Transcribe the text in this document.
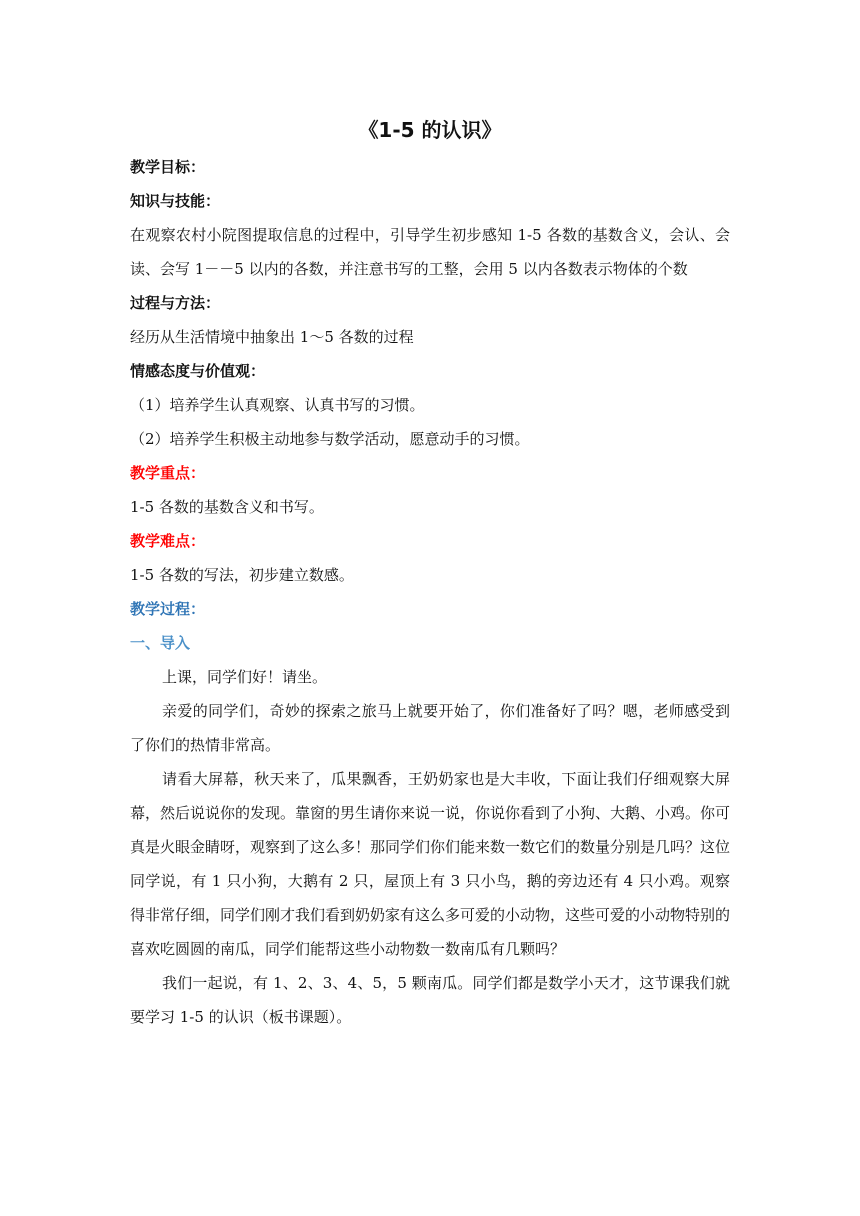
《1-5 的认识》

教学目标：

知识与技能：

在观察农村小院图提取信息的过程中，引导学生初步感知 1-5 各数的基数含义，会认、会读、会写 1－－5 以内的各数，并注意书写的工整，会用 5 以内各数表示物体的个数

过程与方法：

经历从生活情境中抽象出 1～5 各数的过程

情感态度与价值观：

（1）培养学生认真观察、认真书写的习惯。

（2）培养学生积极主动地参与数学活动，愿意动手的习惯。

教学重点：

1-5 各数的基数含义和书写。

教学难点：

1-5 各数的写法，初步建立数感。

教学过程：

一、导入

上课，同学们好！请坐。

亲爱的同学们，奇妙的探索之旅马上就要开始了，你们准备好了吗？嗯，老师感受到了你们的热情非常高。

请看大屏幕，秋天来了，瓜果飘香，王奶奶家也是大丰收，下面让我们仔细观察大屏幕，然后说说你的发现。靠窗的男生请你来说一说，你说你看到了小狗、大鹅、小鸡。你可真是火眼金睛呀，观察到了这么多！那同学们你们能来数一数它们的数量分别是几吗？这位同学说，有 1 只小狗，大鹅有 2 只，屋顶上有 3 只小鸟，鹅的旁边还有 4 只小鸡。观察得非常仔细，同学们刚才我们看到奶奶家有这么多可爱的小动物，这些可爱的小动物特别的喜欢吃圆圆的南瓜，同学们能帮这些小动物数一数南瓜有几颗吗？

我们一起说，有 1、2、3、4、5，5 颗南瓜。同学们都是数学小天才，这节课我们就要学习 1-5 的认识（板书课题）。
